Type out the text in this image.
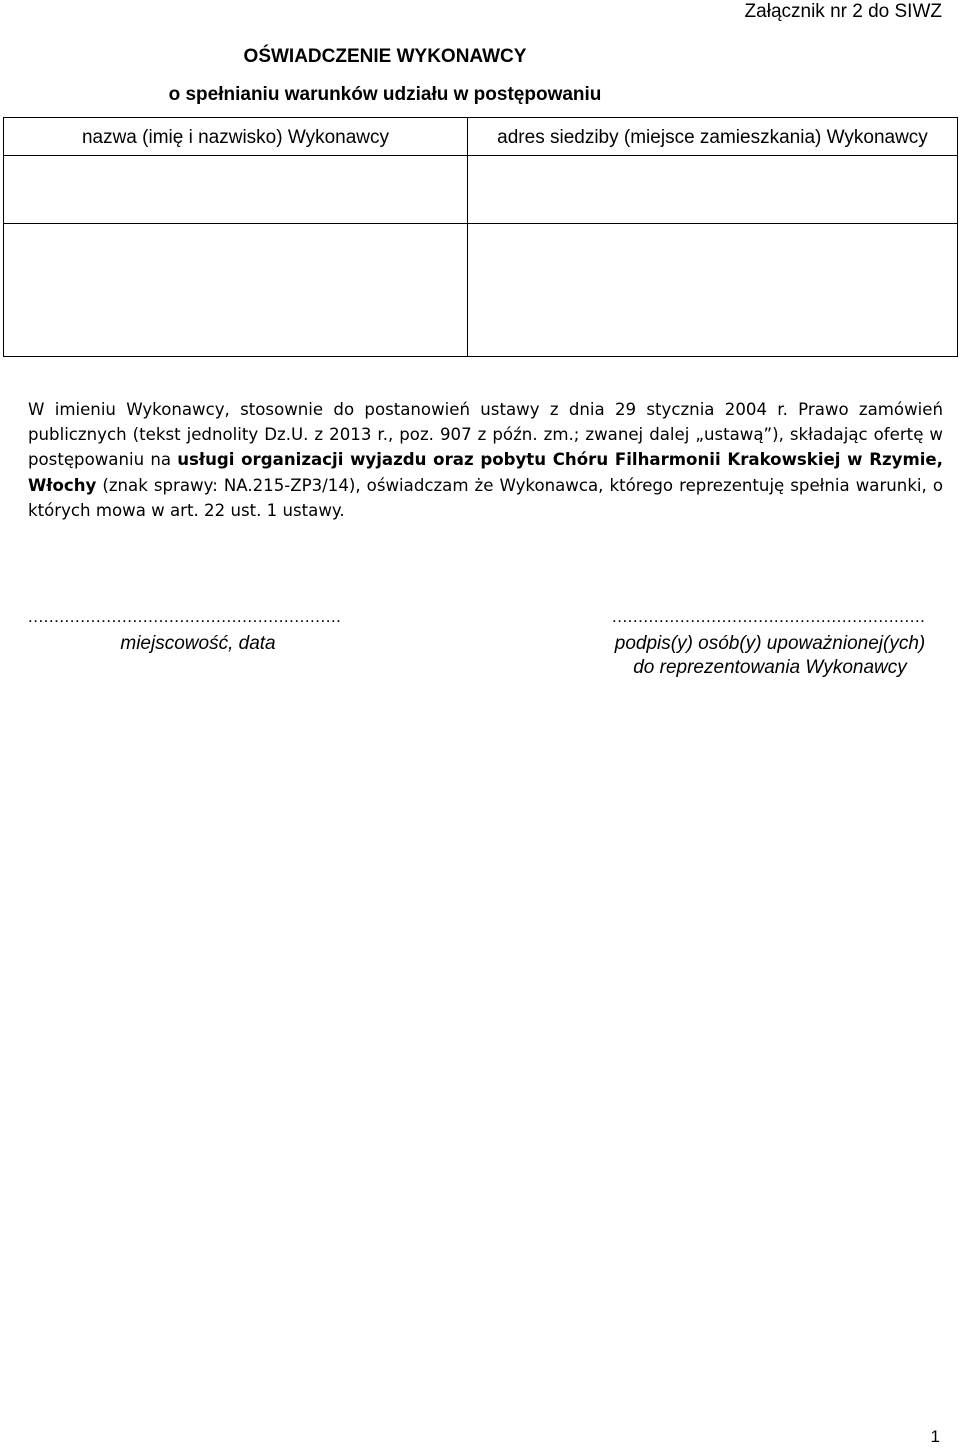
Załącznik nr 2 do SIWZ
OŚWIADCZENIE WYKONAWCY
o spełnianiu warunków udziału w postępowaniu
nazwa (imię i nazwisko) Wykonawcy	adres siedziby (miejsce zamieszkania) Wykonawcy
W imieniu Wykonawcy, stosownie do postanowień ustawy z dnia 29 stycznia 2004 r. Prawo zamówień publicznych (tekst jednolity Dz.U. z 2013 r., poz. 907 z późn. zm.; zwanej dalej „ustawą”), składając ofertę w postępowaniu na usługi organizacji wyjazdu oraz pobytu Chóru Filharmonii Krakowskiej w Rzymie, Włochy (znak sprawy: NA.215-ZP3/14), oświadczam że Wykonawca, którego reprezentuję spełnia warunki, o których mowa w art. 22 ust. 1 ustawy.
............................................................	............................................................
miejscowość, data	podpis(y) osób(y) upoważnionej(ych)
do reprezentowania Wykonawcy
1
